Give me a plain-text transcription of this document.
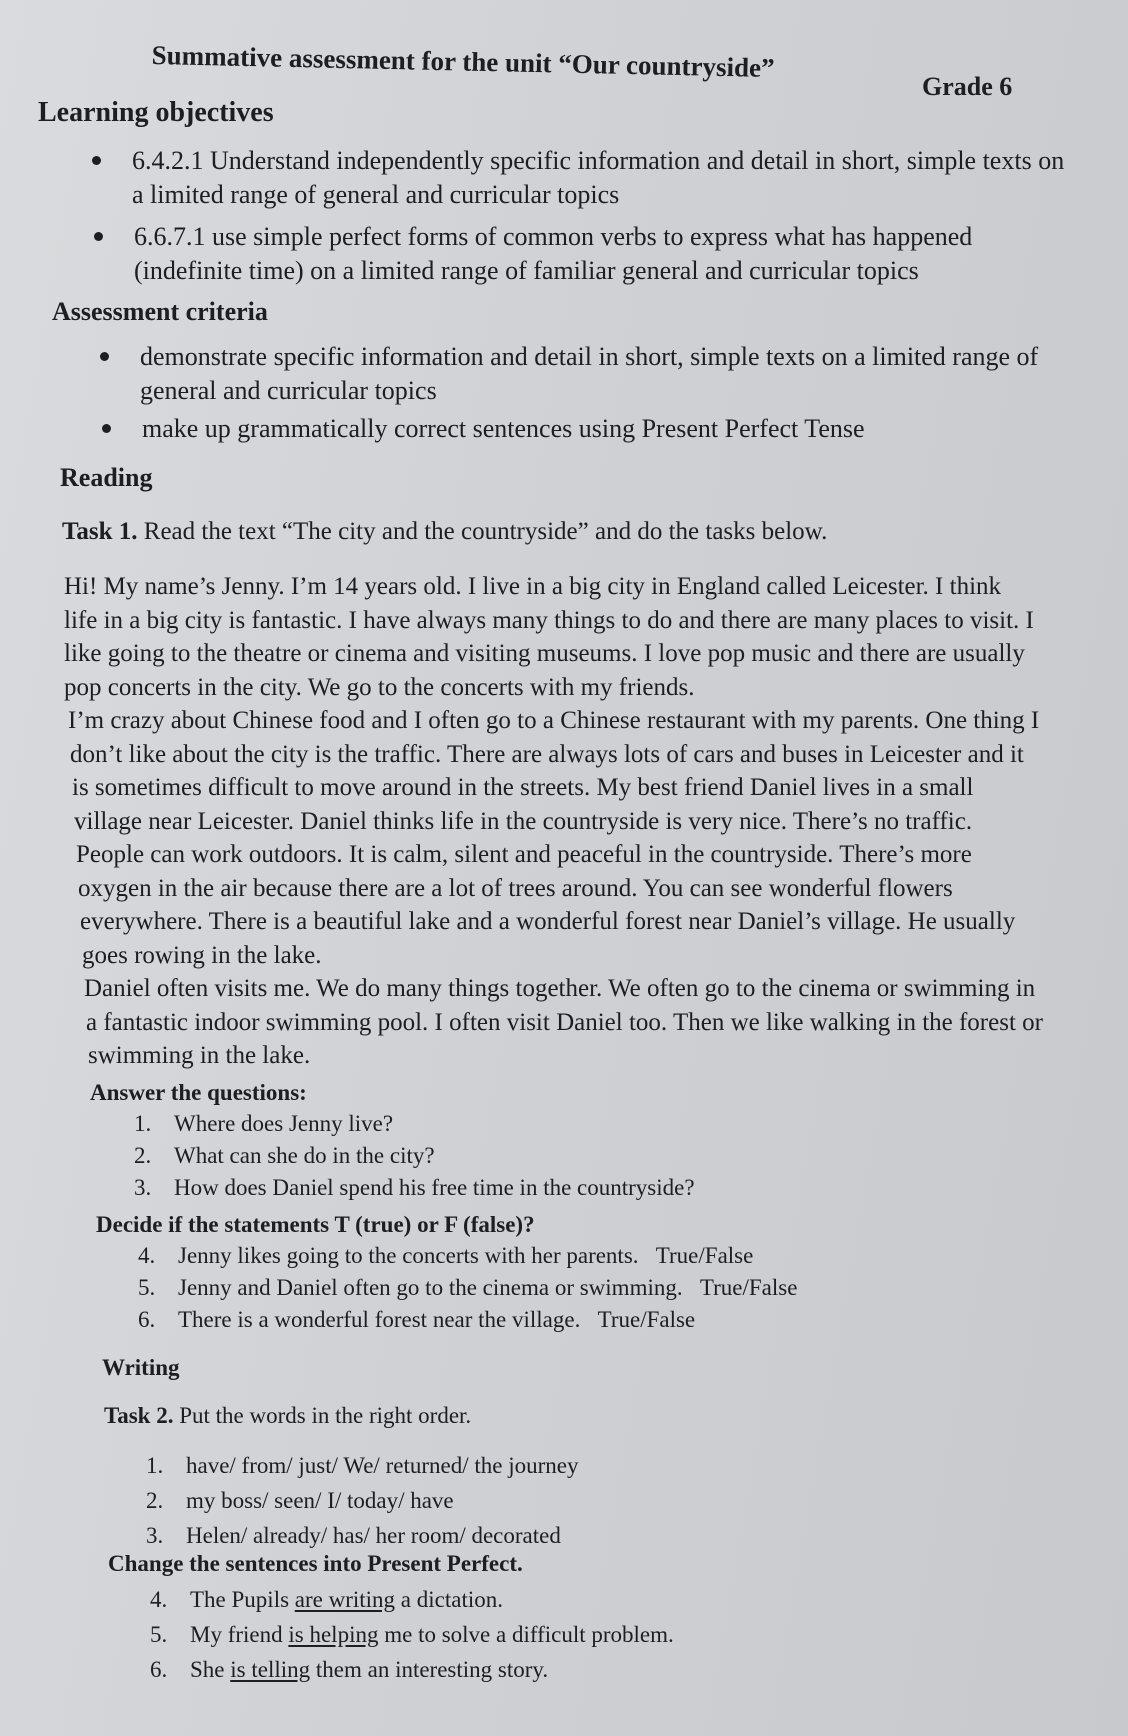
Summative assessment for the unit “Our countryside”
Grade 6
Learning objectives
6.4.2.1 Understand independently specific information and detail in short, simple texts on
a limited range of general and curricular topics
6.6.7.1 use simple perfect forms of common verbs to express what has happened
(indefinite time) on a limited range of familiar general and curricular topics
Assessment criteria
demonstrate specific information and detail in short, simple texts on a limited range of
general and curricular topics
make up grammatically correct sentences using Present Perfect Tense
Reading
Task 1. Read the text “The city and the countryside” and do the tasks below.
Hi! My name’s Jenny. I’m 14 years old. I live in a big city in England called Leicester. I think
life in a big city is fantastic. I have always many things to do and there are many places to visit. I
like going to the theatre or cinema and visiting museums. I love pop music and there are usually
pop concerts in the city. We go to the concerts with my friends.
I’m crazy about Chinese food and I often go to a Chinese restaurant with my parents. One thing I
don’t like about the city is the traffic. There are always lots of cars and buses in Leicester and it
is sometimes difficult to move around in the streets. My best friend Daniel lives in a small
village near Leicester. Daniel thinks life in the countryside is very nice. There’s no traffic.
People can work outdoors. It is calm, silent and peaceful in the countryside. There’s more
oxygen in the air because there are a lot of trees around. You can see wonderful flowers
everywhere. There is a beautiful lake and a wonderful forest near Daniel’s village. He usually
goes rowing in the lake.
Daniel often visits me. We do many things together. We often go to the cinema or swimming in
a fantastic indoor swimming pool. I often visit Daniel too. Then we like walking in the forest or
swimming in the lake.
Answer the questions:
1. Where does Jenny live?
2. What can she do in the city?
3. How does Daniel spend his free time in the countryside?
Decide if the statements T (true) or F (false)?
4. Jenny likes going to the concerts with her parents. True/False
5. Jenny and Daniel often go to the cinema or swimming. True/False
6. There is a wonderful forest near the village. True/False
Writing
Task 2. Put the words in the right order.
1. have/ from/ just/ We/ returned/ the journey
2. my boss/ seen/ I/ today/ have
3. Helen/ already/ has/ her room/ decorated
Change the sentences into Present Perfect.
4. The Pupils are writing a dictation.
5. My friend is helping me to solve a difficult problem.
6. She is telling them an interesting story.
